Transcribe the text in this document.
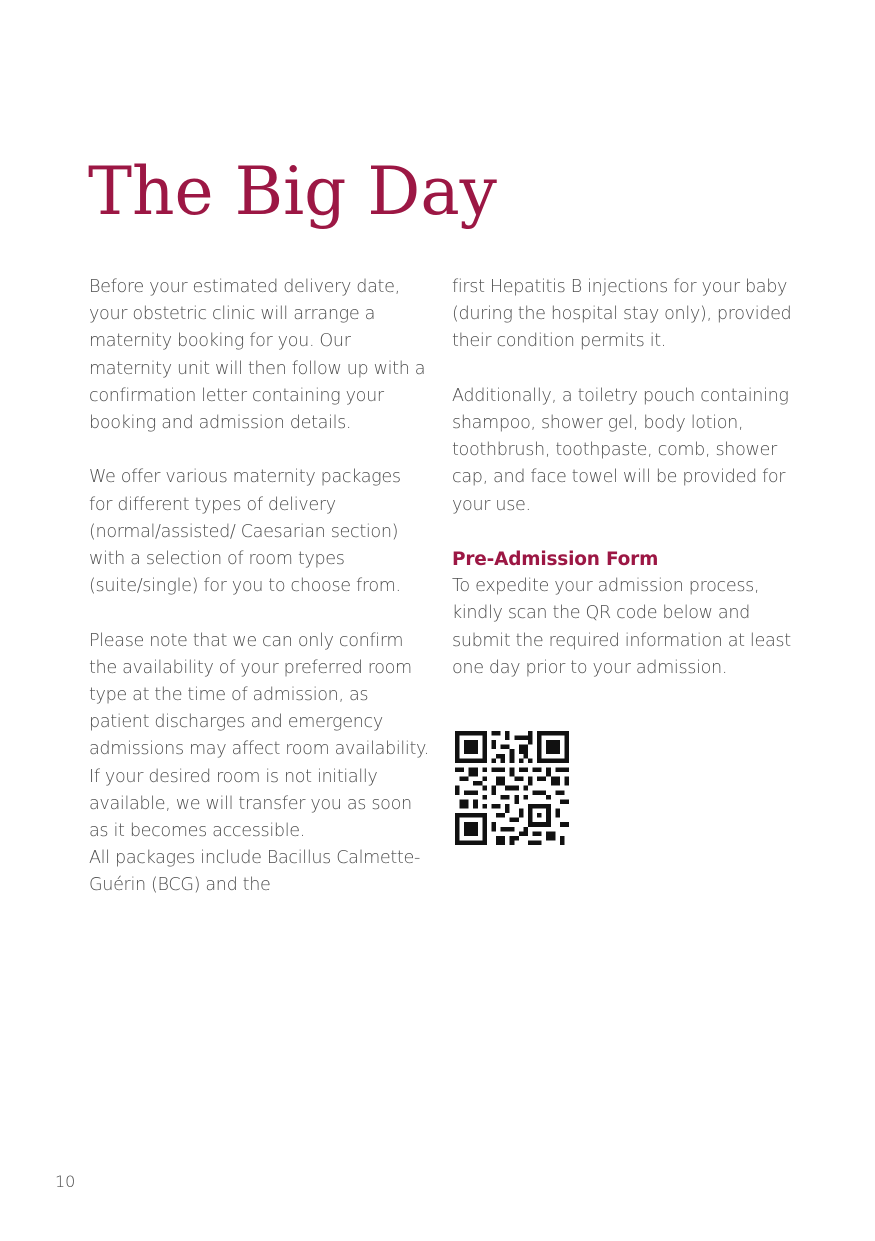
The Big Day

Before your estimated delivery date, your obstetric clinic will arrange a maternity booking for you. Our maternity unit will then follow up with a confirmation letter containing your booking and admission details.

We offer various maternity packages for different types of delivery (normal/assisted/ Caesarian section) with a selection of room types (suite/single) for you to choose from.

Please note that we can only confirm the availability of your preferred room type at the time of admission, as patient discharges and emergency admissions may affect room availability. If your desired room is not initially available, we will transfer you as soon as it becomes accessible.

All packages include Bacillus Calmette-Guérin (BCG) and the

first Hepatitis B injections for your baby (during the hospital stay only), provided their condition permits it.

Additionally, a toiletry pouch containing shampoo, shower gel, body lotion, toothbrush, toothpaste, comb, shower cap, and face towel will be provided for your use.

Pre-Admission Form

To expedite your admission process, kindly scan the QR code below and submit the required information at least one day prior to your admission.

10
